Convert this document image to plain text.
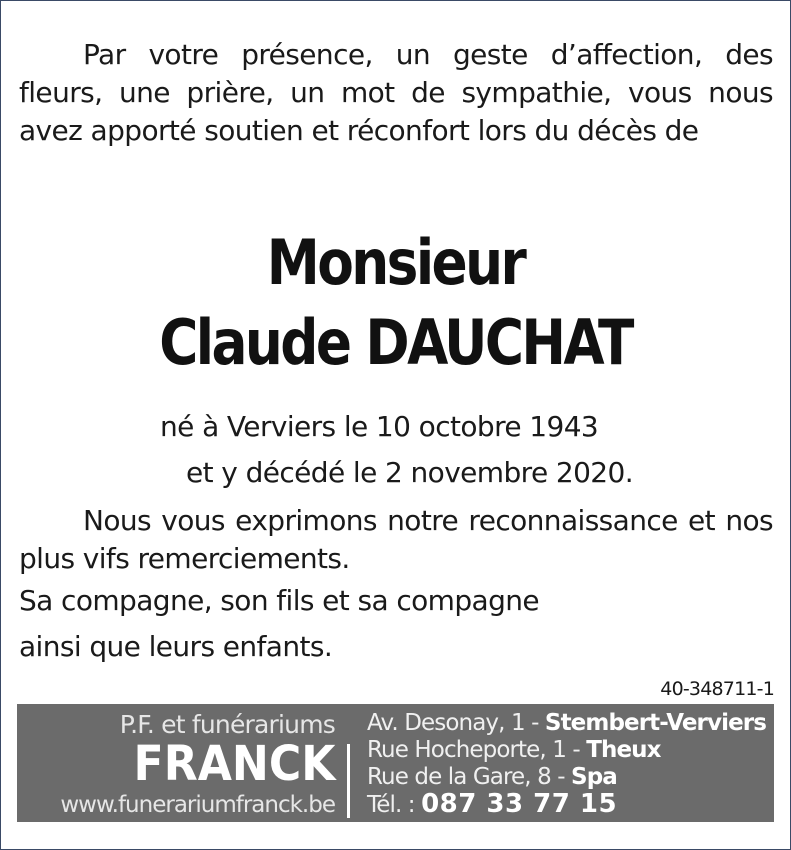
Par votre présence, un geste d’affection, des fleurs, une prière, un mot de sympathie, vous nous avez apporté soutien et réconfort lors du décès de
Monsieur
Claude DAUCHAT
né à Verviers le 10 octobre 1943
et y décédé le 2 novembre 2020.
Nous vous exprimons notre reconnaissance et nos plus vifs remerciements.
Sa compagne, son fils et sa compagne
ainsi que leurs enfants.
40-348711-1
P.F. et funérariums
FRANCK
www.funerariumfranck.be
Av. Desonay, 1 - Stembert-Verviers
Rue Hocheporte, 1 - Theux
Rue de la Gare, 8 - Spa
Tél. : 087 33 77 15
